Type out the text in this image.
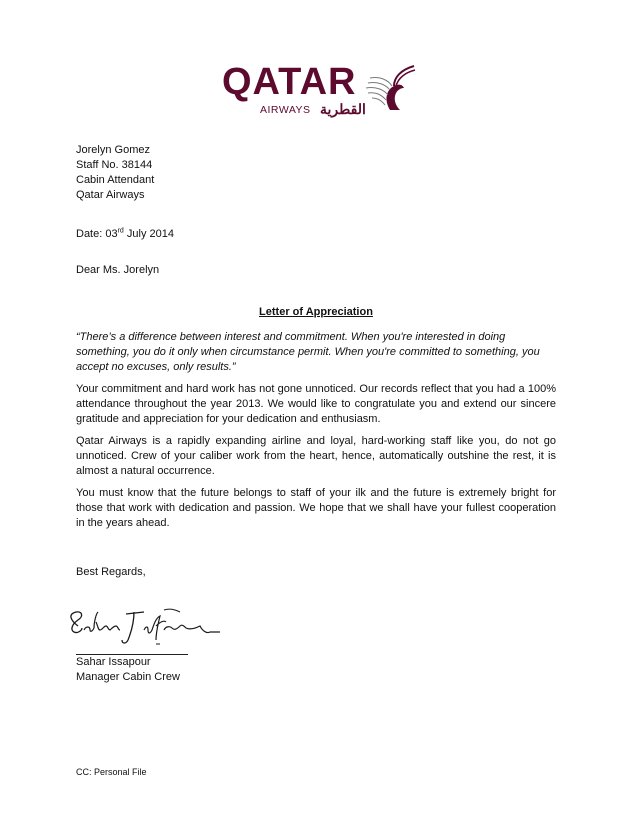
QATAR
AIRWAYS القطرية
Jorelyn Gomez
Staff No. 38144
Cabin Attendant
Qatar Airways
Date: 03rd July 2014
Dear Ms. Jorelyn
Letter of Appreciation
“There’s a difference between interest and commitment. When you're interested in doing something, you do it only when circumstance permit. When you're committed to something, you accept no excuses, only results.”
Your commitment and hard work has not gone unnoticed. Our records reflect that you had a 100% attendance throughout the year 2013. We would like to congratulate you and extend our sincere gratitude and appreciation for your dedication and enthusiasm.
Qatar Airways is a rapidly expanding airline and loyal, hard-working staff like you, do not go unnoticed. Crew of your caliber work from the heart, hence, automatically outshine the rest, it is almost a natural occurrence.
You must know that the future belongs to staff of your ilk and the future is extremely bright for those that work with dedication and passion. We hope that we shall have your fullest cooperation in the years ahead.
Best Regards,
Sahar Issapour
Manager Cabin Crew
CC: Personal File
